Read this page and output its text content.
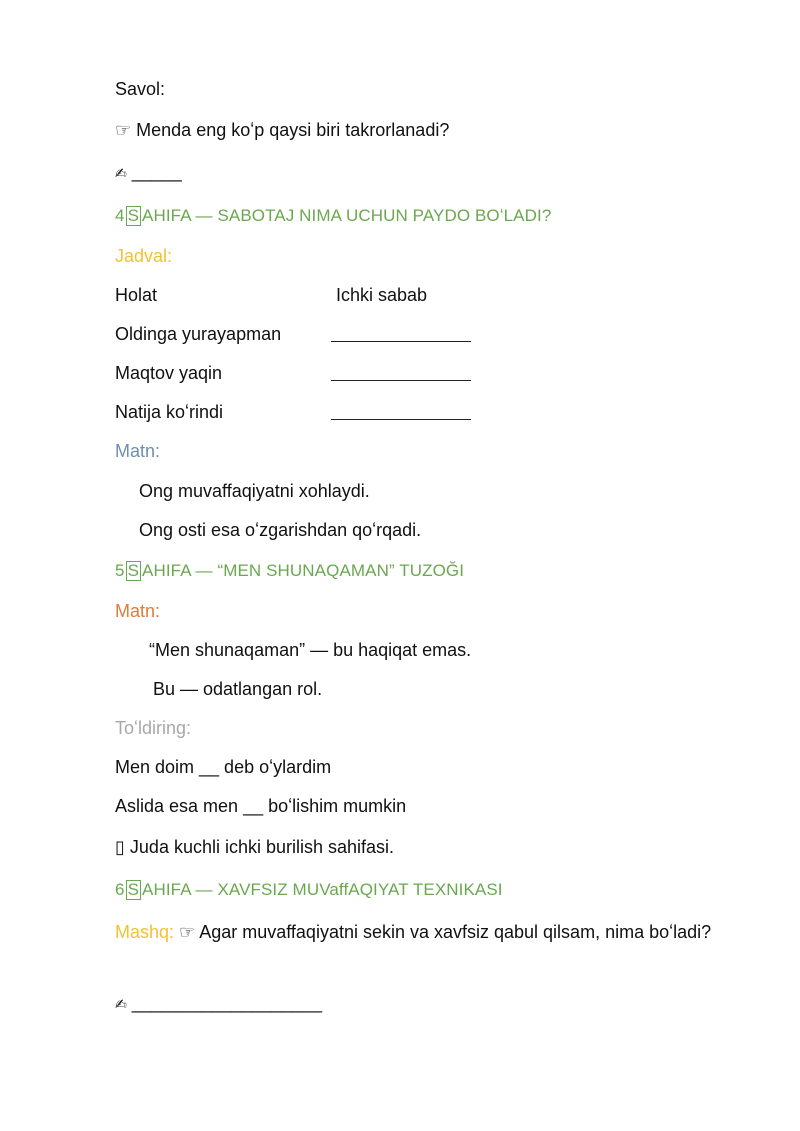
Savol:
☞ Menda eng koʻp qaysi biri takrorlanadi?
✍ _____
4 S AHIFA — SABOTAJ NIMA UCHUN PAYDO BOʻLADI?
Jadval:
Holat	Ichki sabab
Oldinga yurayapman
Maqtov yaqin
Natija koʻrindi
Matn:
Ong muvaffaqiyatni xohlaydi.
Ong osti esa oʻzgarishdan qoʻrqadi.
5 S AHIFA — “MEN SHUNAQAMAN” TUZOĞI
Matn:
“Men shunaqaman” — bu haqiqat emas.
Bu — odatlangan rol.
Toʻldiring:
Men doim __ deb oʻylardim
Aslida esa men __ boʻlishim mumkin
▯ Juda kuchli ichki burilish sahifasi.
6 S AHIFA — XAVFSIZ MUVaffAQIYAT TEXNIKASI
Mashq: ☞ Agar muvaffaqiyatni sekin va xavfsiz qabul qilsam, nima boʻladi?
✍ ___________________
